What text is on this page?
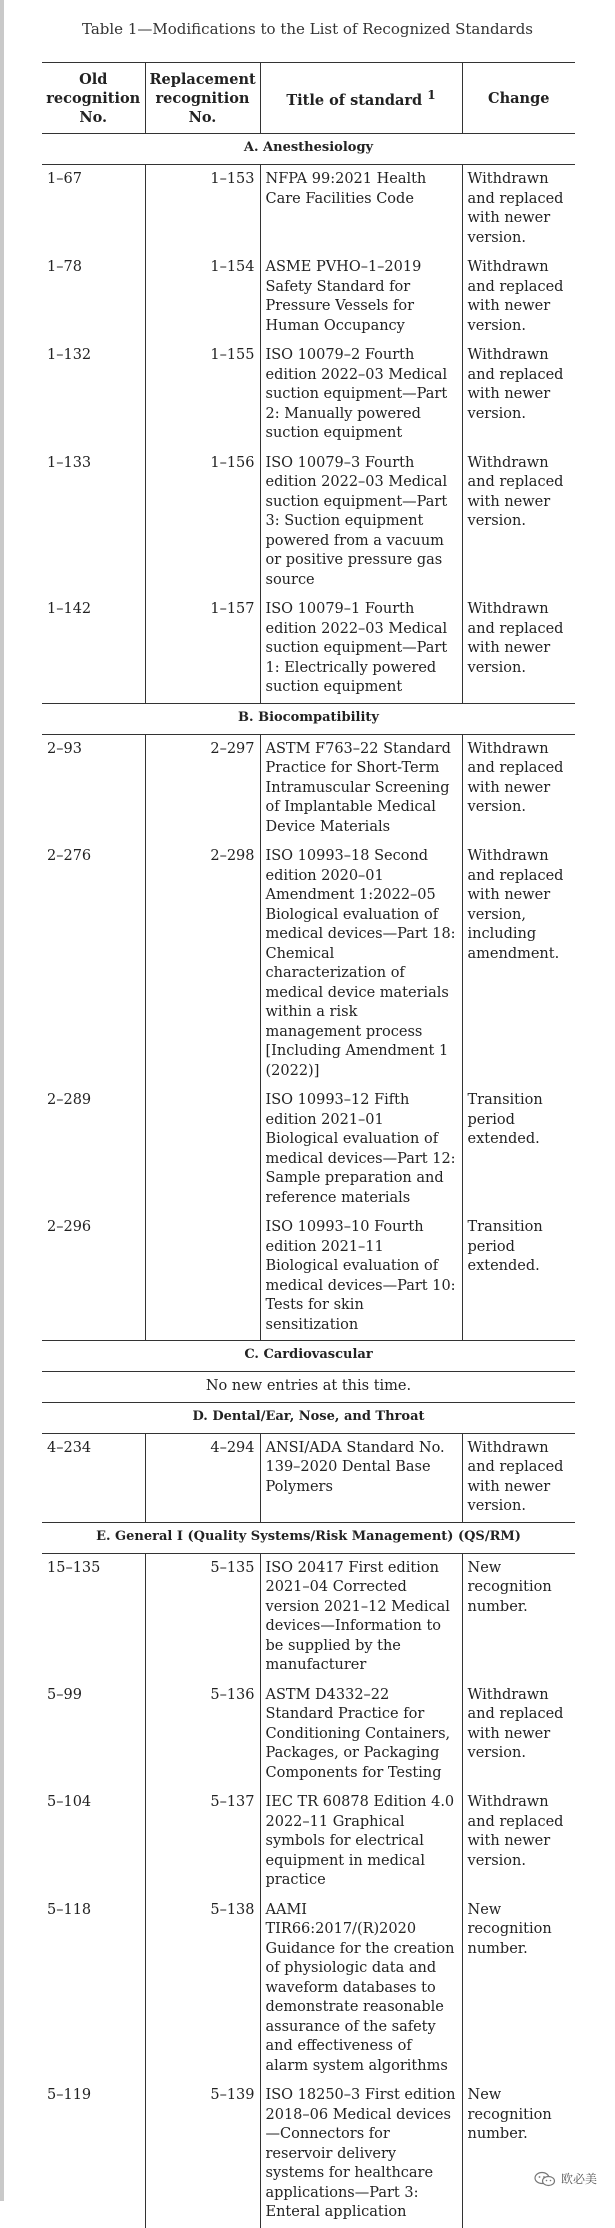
Table 1—Modifications to the List of Recognized Standards
Old recognition No.	Replacement recognition No.	Title of standard $^1$	Change
A. Anesthesiology			
1–67	1–153	NFPA 99:2021 Health Care Facilities Code	Withdrawn and replaced with newer version.
1–78	1–154	ASME PVHO–1–2019 Safety Standard for Pressure Vessels for Human Occupancy	Withdrawn and replaced with newer version.
1–132	1–155	ISO 10079–2 Fourth edition 2022–03 Medical suction equipment—Part 2: Manually powered suction equipment	Withdrawn and replaced with newer version.
1–133	1–156	ISO 10079–3 Fourth edition 2022–03 Medical suction equipment—Part 3: Suction equipment powered from a vacuum or positive pressure gas source	Withdrawn and replaced with newer version.
1–142	1–157	ISO 10079–1 Fourth edition 2022–03 Medical suction equipment—Part 1: Electrically powered suction equipment	Withdrawn and replaced with newer version.
B. Biocompatibility			
2–93	2–297	ASTM F763–22 Standard Practice for Short-Term Intramuscular Screening of Implantable Medical Device Materials	Withdrawn and replaced with newer version.
2–276	2–298	ISO 10993–18 Second edition 2020–01 Amendment 1:2022–05 Biological evaluation of medical devices—Part 18: Chemical characterization of medical device materials within a risk management process [Including Amendment 1 (2022)]	Withdrawn and replaced with newer version, including amendment.
2–289		ISO 10993–12 Fifth edition 2021–01 Biological evaluation of medical devices—Part 12: Sample preparation and reference materials	Transition period extended.
2–296		ISO 10993–10 Fourth edition 2021–11 Biological evaluation of medical devices—Part 10: Tests for skin sensitization	Transition period extended.
C. Cardiovascular			
No new entries at this time.			
D. Dental/Ear, Nose, and Throat			
4–234	4–294	ANSI/ADA Standard No. 139–2020 Dental Base Polymers	Withdrawn and replaced with newer version.
E. General I (Quality Systems/Risk Management) (QS/RM)			
15–135	5–135	ISO 20417 First edition 2021–04 Corrected version 2021–12 Medical devices—Information to be supplied by the manufacturer	New recognition number.
5–99	5–136	ASTM D4332–22 Standard Practice for Conditioning Containers, Packages, or Packaging Components for Testing	Withdrawn and replaced with newer version.
5–104	5–137	IEC TR 60878 Edition 4.0 2022–11 Graphical symbols for electrical equipment in medical practice	Withdrawn and replaced with newer version.
5–118	5–138	AAMI TIR66:2017/(R)2020 Guidance for the creation of physiologic data and waveform databases to demonstrate reasonable assurance of the safety and effectiveness of alarm system algorithms	New recognition number.
5–119	5–139	ISO 18250–3 First edition 2018–06 Medical devices—Connectors for reservoir delivery systems for healthcare applications—Part 3: Enteral application	New recognition number.
欧必美
